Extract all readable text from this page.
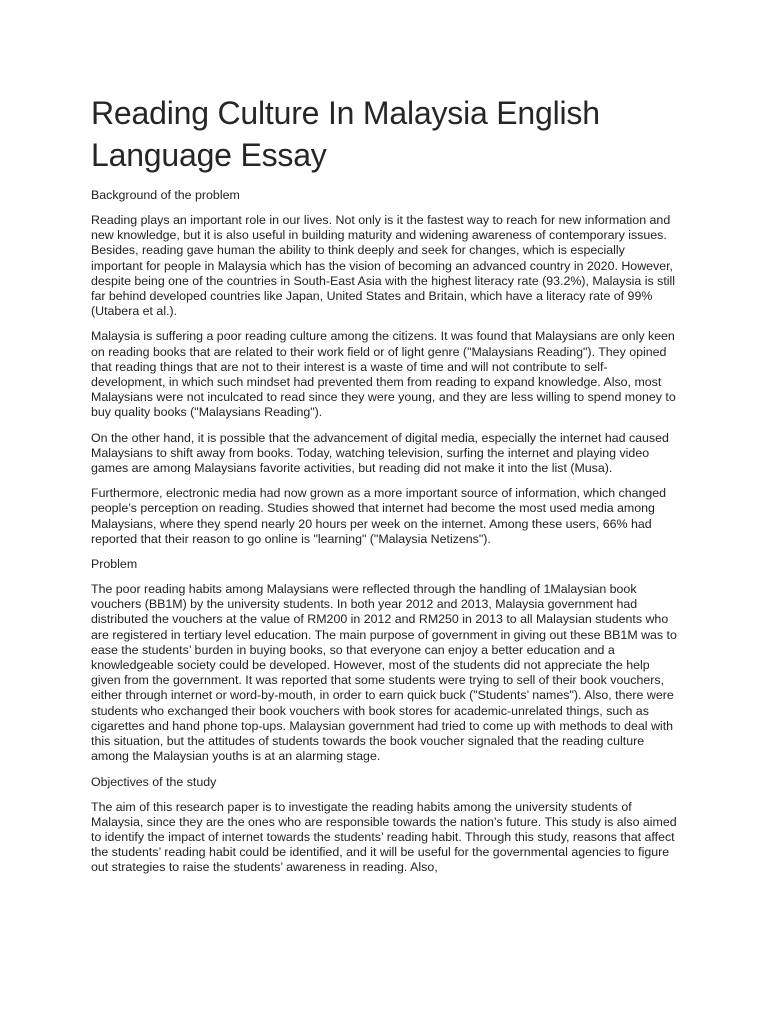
Reading Culture In Malaysia English Language Essay
Background of the problem

Reading plays an important role in our lives. Not only is it the fastest way to reach for new information and new knowledge, but it is also useful in building maturity and widening awareness of contemporary issues. Besides, reading gave human the ability to think deeply and seek for changes, which is especially important for people in Malaysia which has the vision of becoming an advanced country in 2020. However, despite being one of the countries in South-East Asia with the highest literacy rate (93.2%), Malaysia is still far behind developed countries like Japan, United States and Britain, which have a literacy rate of 99% (Utabera et al.).

Malaysia is suffering a poor reading culture among the citizens. It was found that Malaysians are only keen on reading books that are related to their work field or of light genre ("Malaysians Reading"). They opined that reading things that are not to their interest is a waste of time and will not contribute to self-development, in which such mindset had prevented them from reading to expand knowledge. Also, most Malaysians were not inculcated to read since they were young, and they are less willing to spend money to buy quality books ("Malaysians Reading").

On the other hand, it is possible that the advancement of digital media, especially the internet had caused Malaysians to shift away from books. Today, watching television, surfing the internet and playing video games are among Malaysians favorite activities, but reading did not make it into the list (Musa).

Furthermore, electronic media had now grown as a more important source of information, which changed people’s perception on reading. Studies showed that internet had become the most used media among Malaysians, where they spend nearly 20 hours per week on the internet. Among these users, 66% had reported that their reason to go online is "learning" ("Malaysia Netizens").

Problem

The poor reading habits among Malaysians were reflected through the handling of 1Malaysian book vouchers (BB1M) by the university students. In both year 2012 and 2013, Malaysia government had distributed the vouchers at the value of RM200 in 2012 and RM250 in 2013 to all Malaysian students who are registered in tertiary level education. The main purpose of government in giving out these BB1M was to ease the students’ burden in buying books, so that everyone can enjoy a better education and a knowledgeable society could be developed. However, most of the students did not appreciate the help given from the government. It was reported that some students were trying to sell of their book vouchers, either through internet or word-by-mouth, in order to earn quick buck ("Students’ names"). Also, there were students who exchanged their book vouchers with book stores for academic-unrelated things, such as cigarettes and hand phone top-ups. Malaysian government had tried to come up with methods to deal with this situation, but the attitudes of students towards the book voucher signaled that the reading culture among the Malaysian youths is at an alarming stage.

Objectives of the study

The aim of this research paper is to investigate the reading habits among the university students of Malaysia, since they are the ones who are responsible towards the nation’s future. This study is also aimed to identify the impact of internet towards the students’ reading habit. Through this study, reasons that affect the students’ reading habit could be identified, and it will be useful for the governmental agencies to figure out strategies to raise the students’ awareness in reading. Also,
